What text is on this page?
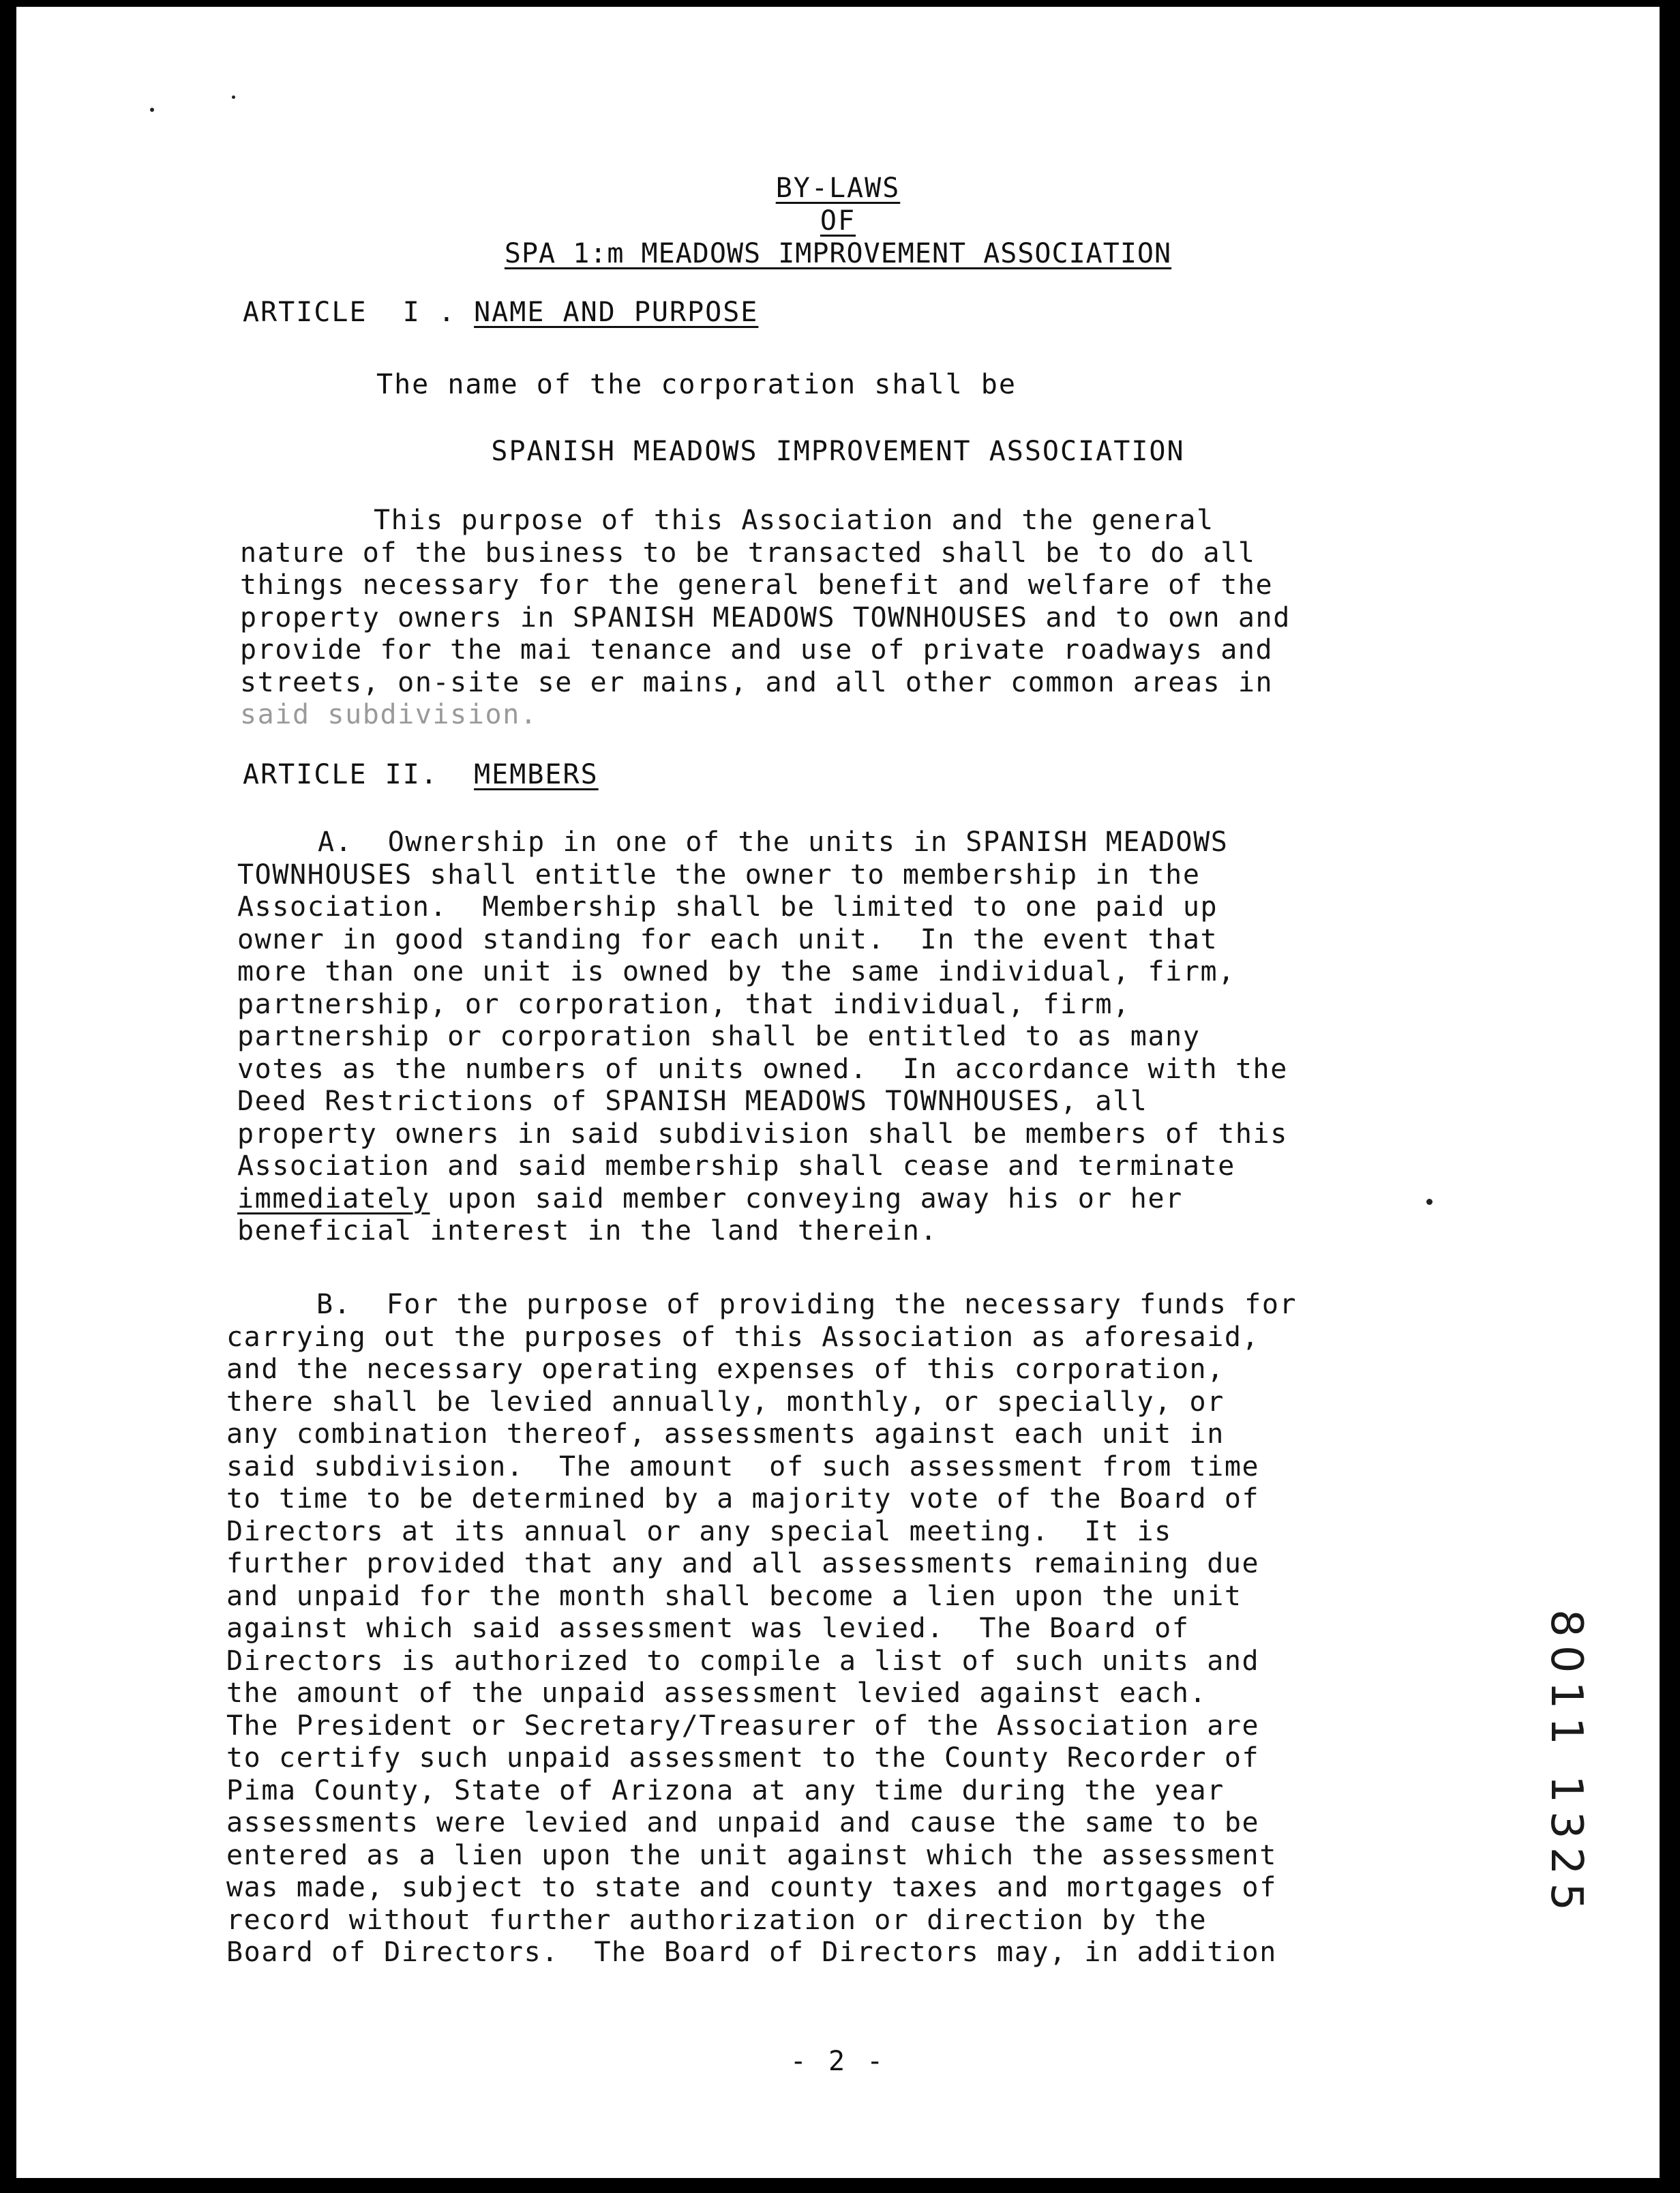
BY-LAWS
OF
SPA 1:m MEADOWS IMPROVEMENT ASSOCIATION
ARTICLE  I . NAME AND PURPOSE
The name of the corporation shall be
SPANISH MEADOWS IMPROVEMENT ASSOCIATION
This purpose of this Association and the general
nature of the business to be transacted shall be to do all
things necessary for the general benefit and welfare of the
property owners in SPANISH MEADOWS TOWNHOUSES and to own and
provide for the mai tenance and use of private roadways and
streets, on-site se er mains, and all other common areas in
said subdivision.
ARTICLE II.  MEMBERS
A.  Ownership in one of the units in SPANISH MEADOWS
TOWNHOUSES shall entitle the owner to membership in the
Association.  Membership shall be limited to one paid up
owner in good standing for each unit.  In the event that
more than one unit is owned by the same individual, firm,
partnership, or corporation, that individual, firm,
partnership or corporation shall be entitled to as many
votes as the numbers of units owned.  In accordance with the
Deed Restrictions of SPANISH MEADOWS TOWNHOUSES, all
property owners in said subdivision shall be members of this
Association and said membership shall cease and terminate
immediately upon said member conveying away his or her
beneficial interest in the land therein.
B.  For the purpose of providing the necessary funds for
carrying out the purposes of this Association as aforesaid,
and the necessary operating expenses of this corporation,
there shall be levied annually, monthly, or specially, or
any combination thereof, assessments against each unit in
said subdivision.  The amount  of such assessment from time
to time to be determined by a majority vote of the Board of
Directors at its annual or any special meeting.  It is
further provided that any and all assessments remaining due
and unpaid for the month shall become a lien upon the unit
against which said assessment was levied.  The Board of
Directors is authorized to compile a list of such units and
the amount of the unpaid assessment levied against each.
The President or Secretary/Treasurer of the Association are
to certify such unpaid assessment to the County Recorder of
Pima County, State of Arizona at any time during the year
assessments were levied and unpaid and cause the same to be
entered as a lien upon the unit against which the assessment
was made, subject to state and county taxes and mortgages of
record without further authorization or direction by the
Board of Directors.  The Board of Directors may, in addition
8011 1325
- 2 -
